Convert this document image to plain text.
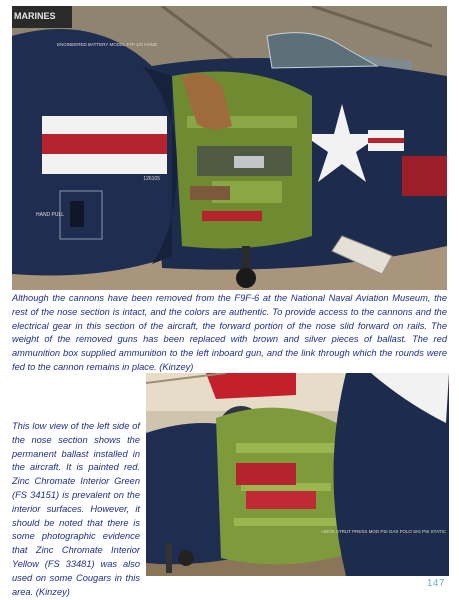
MARINES
126105
ENGINEERED BATTERY MODEL F7F-1/C HAND
HAND PULL

Although the cannons have been removed from the F9F-6 at the National Naval Aviation Museum, the rest of the nose section is intact, and the colors are authentic. To provide access to the cannons and the electrical gear in this section of the aircraft, the forward portion of the nose slid forward on rails. The weight of the removed guns has been replaced with brown and silver pieces of ballast. The red ammunition box supplied ammunition to the left inboard gun, and the link through which the rounds were fed to the cannon remains in place. (Kinzey)

HOOK STRUT PRESS MOD PSI GAS FOLO SIG PSI STATIC

This low view of the left side of the nose section shows the permanent ballast installed in the aircraft. It is painted red. Zinc Chromate Interior Green (FS 34151) is prevalent on the interior surfaces. However, it should be noted that there is some photographic evidence that Zinc Chromate Interior Yellow (FS 33481) was also used on some Cougars in this area. (Kinzey)

147
